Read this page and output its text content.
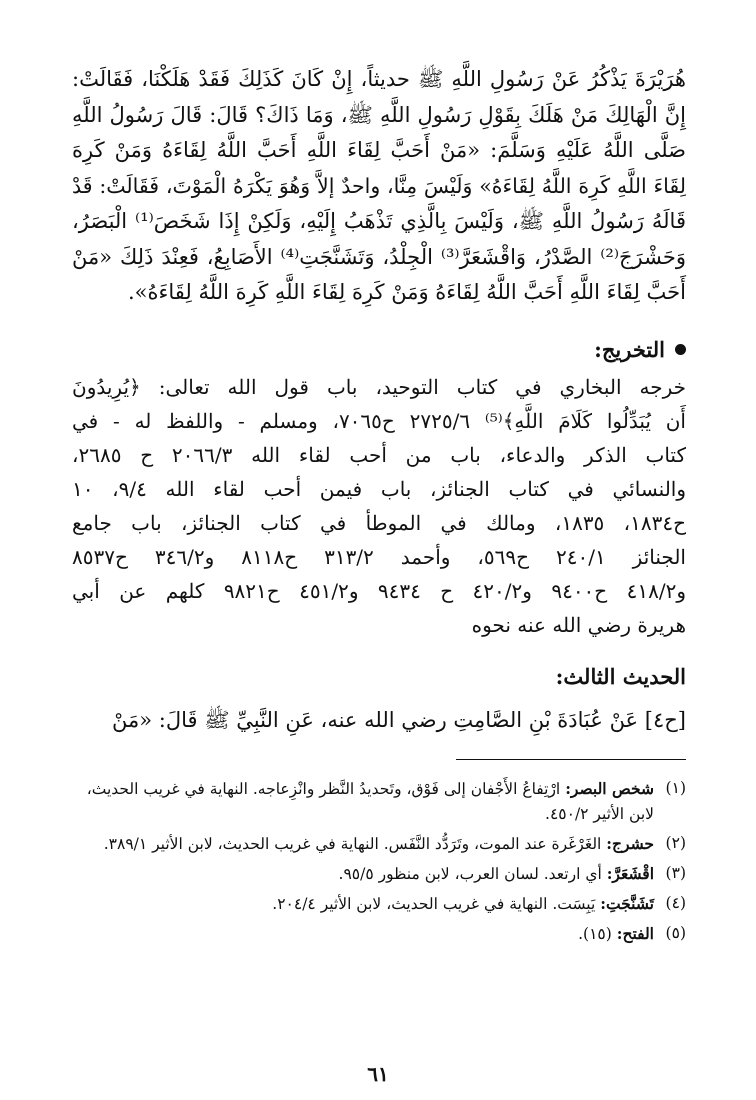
هُرَيْرَةَ يَذْكُرُ عَنْ رَسُولِ اللَّهِ ﷺ حديثاً، إِنْ كَانَ كَذَلِكَ فَقَدْ هَلَكْنَا، فَقَالَتْ:

إِنَّ الْهَالِكَ مَنْ هَلَكَ بِقَوْلِ رَسُولِ اللَّهِ ﷺ، وَمَا ذَاكَ؟ قَالَ: قَالَ رَسُولُ اللَّهِ

صَلَّى اللَّهُ عَلَيْهِ وَسَلَّمَ: «مَنْ أَحَبَّ لِقَاءَ اللَّهِ أَحَبَّ اللَّهُ لِقَاءَهُ وَمَنْ كَرِهَ

لِقَاءَ اللَّهِ كَرِهَ اللَّهُ لِقَاءَهُ» وَلَيْسَ مِنَّا، واحدٌ إلاَّ وَهُوَ يَكْرَهُ الْمَوْتَ، فَقَالَتْ: قَدْ

قَالَهُ رَسُولُ اللَّهِ ﷺ، وَلَيْسَ بِالَّذِي تَذْهَبُ إِلَيْهِ، وَلَكِنْ إِذَا شَخَصَ⁽¹⁾ الْبَصَرُ،

وَحَشْرَجَ⁽²⁾ الصَّدْرُ، وَاقْشَعَرَّ⁽³⁾ الْجِلْدُ، وَتَشَنَّجَتِ⁽⁴⁾ الأَصَابِعُ، فَعِنْدَ ذَلِكَ «مَنْ

أَحَبَّ لِقَاءَ اللَّهِ أَحَبَّ اللَّهُ لِقَاءَهُ وَمَنْ كَرِهَ لِقَاءَ اللَّهِ كَرِهَ اللَّهُ لِقَاءَهُ».

التخريج:

خرجه البخاري في كتاب التوحيد، باب قول الله تعالى: ﴿يُرِيدُونَ

أَن يُبَدِّلُوا كَلَامَ اللَّهِ﴾⁽⁵⁾ ٢٧٢٥/٦ ح٧٠٦٥، ومسلم - واللفظ له - في

كتاب الذكر والدعاء، باب من أحب لقاء الله ٢٠٦٦/٣ ح ٢٦٨٥،

والنسائي في كتاب الجنائز، باب فيمن أحب لقاء الله ٩/٤، ١٠

ح١٨٣٤، ١٨٣٥، ومالك في الموطأ في كتاب الجنائز، باب جامع

الجنائز ٢٤٠/١ ح٥٦٩، وأحمد ٣١٣/٢ ح٨١١٨ و٣٤٦/٢ ح٨٥٣٧

و٤١٨/٢ ح٩٤٠٠ و٤٢٠/٢ ح ٩٤٣٤ و٤٥١/٢ ح٩٨٢١ كلهم عن أبي

هريرة رضي الله عنه نحوه

الحديث الثالث:

[ح٤] عَنْ عُبَادَةَ بْنِ الصَّامِتِ رضي الله عنه، عَنِ النَّبِيِّ ﷺ قَالَ: «مَنْ

(١)
شخص البصر: ارْتِفاعُ الأَجْفان إلى فَوْق، وتَحديدُ النَّظر وانْزِعاجه. النهاية في غريب الحديث، لابن الأثير ٤٥٠/٢.
(٢)
حشرج: الغَرْغَرة عند الموت، وتَرَدُّد النَّفَس. النهاية في غريب الحديث، لابن الأثير ٣٨٩/١.
(٣)
اقْشَعَرَّ: أي ارتعد. لسان العرب، لابن منظور ٩٥/٥.
(٤)
تَشَنَّجَتِ: يَبِسَت. النهاية في غريب الحديث، لابن الأثير ٢٠٤/٤.
(٥)
الفتح: (١٥).
٦١
